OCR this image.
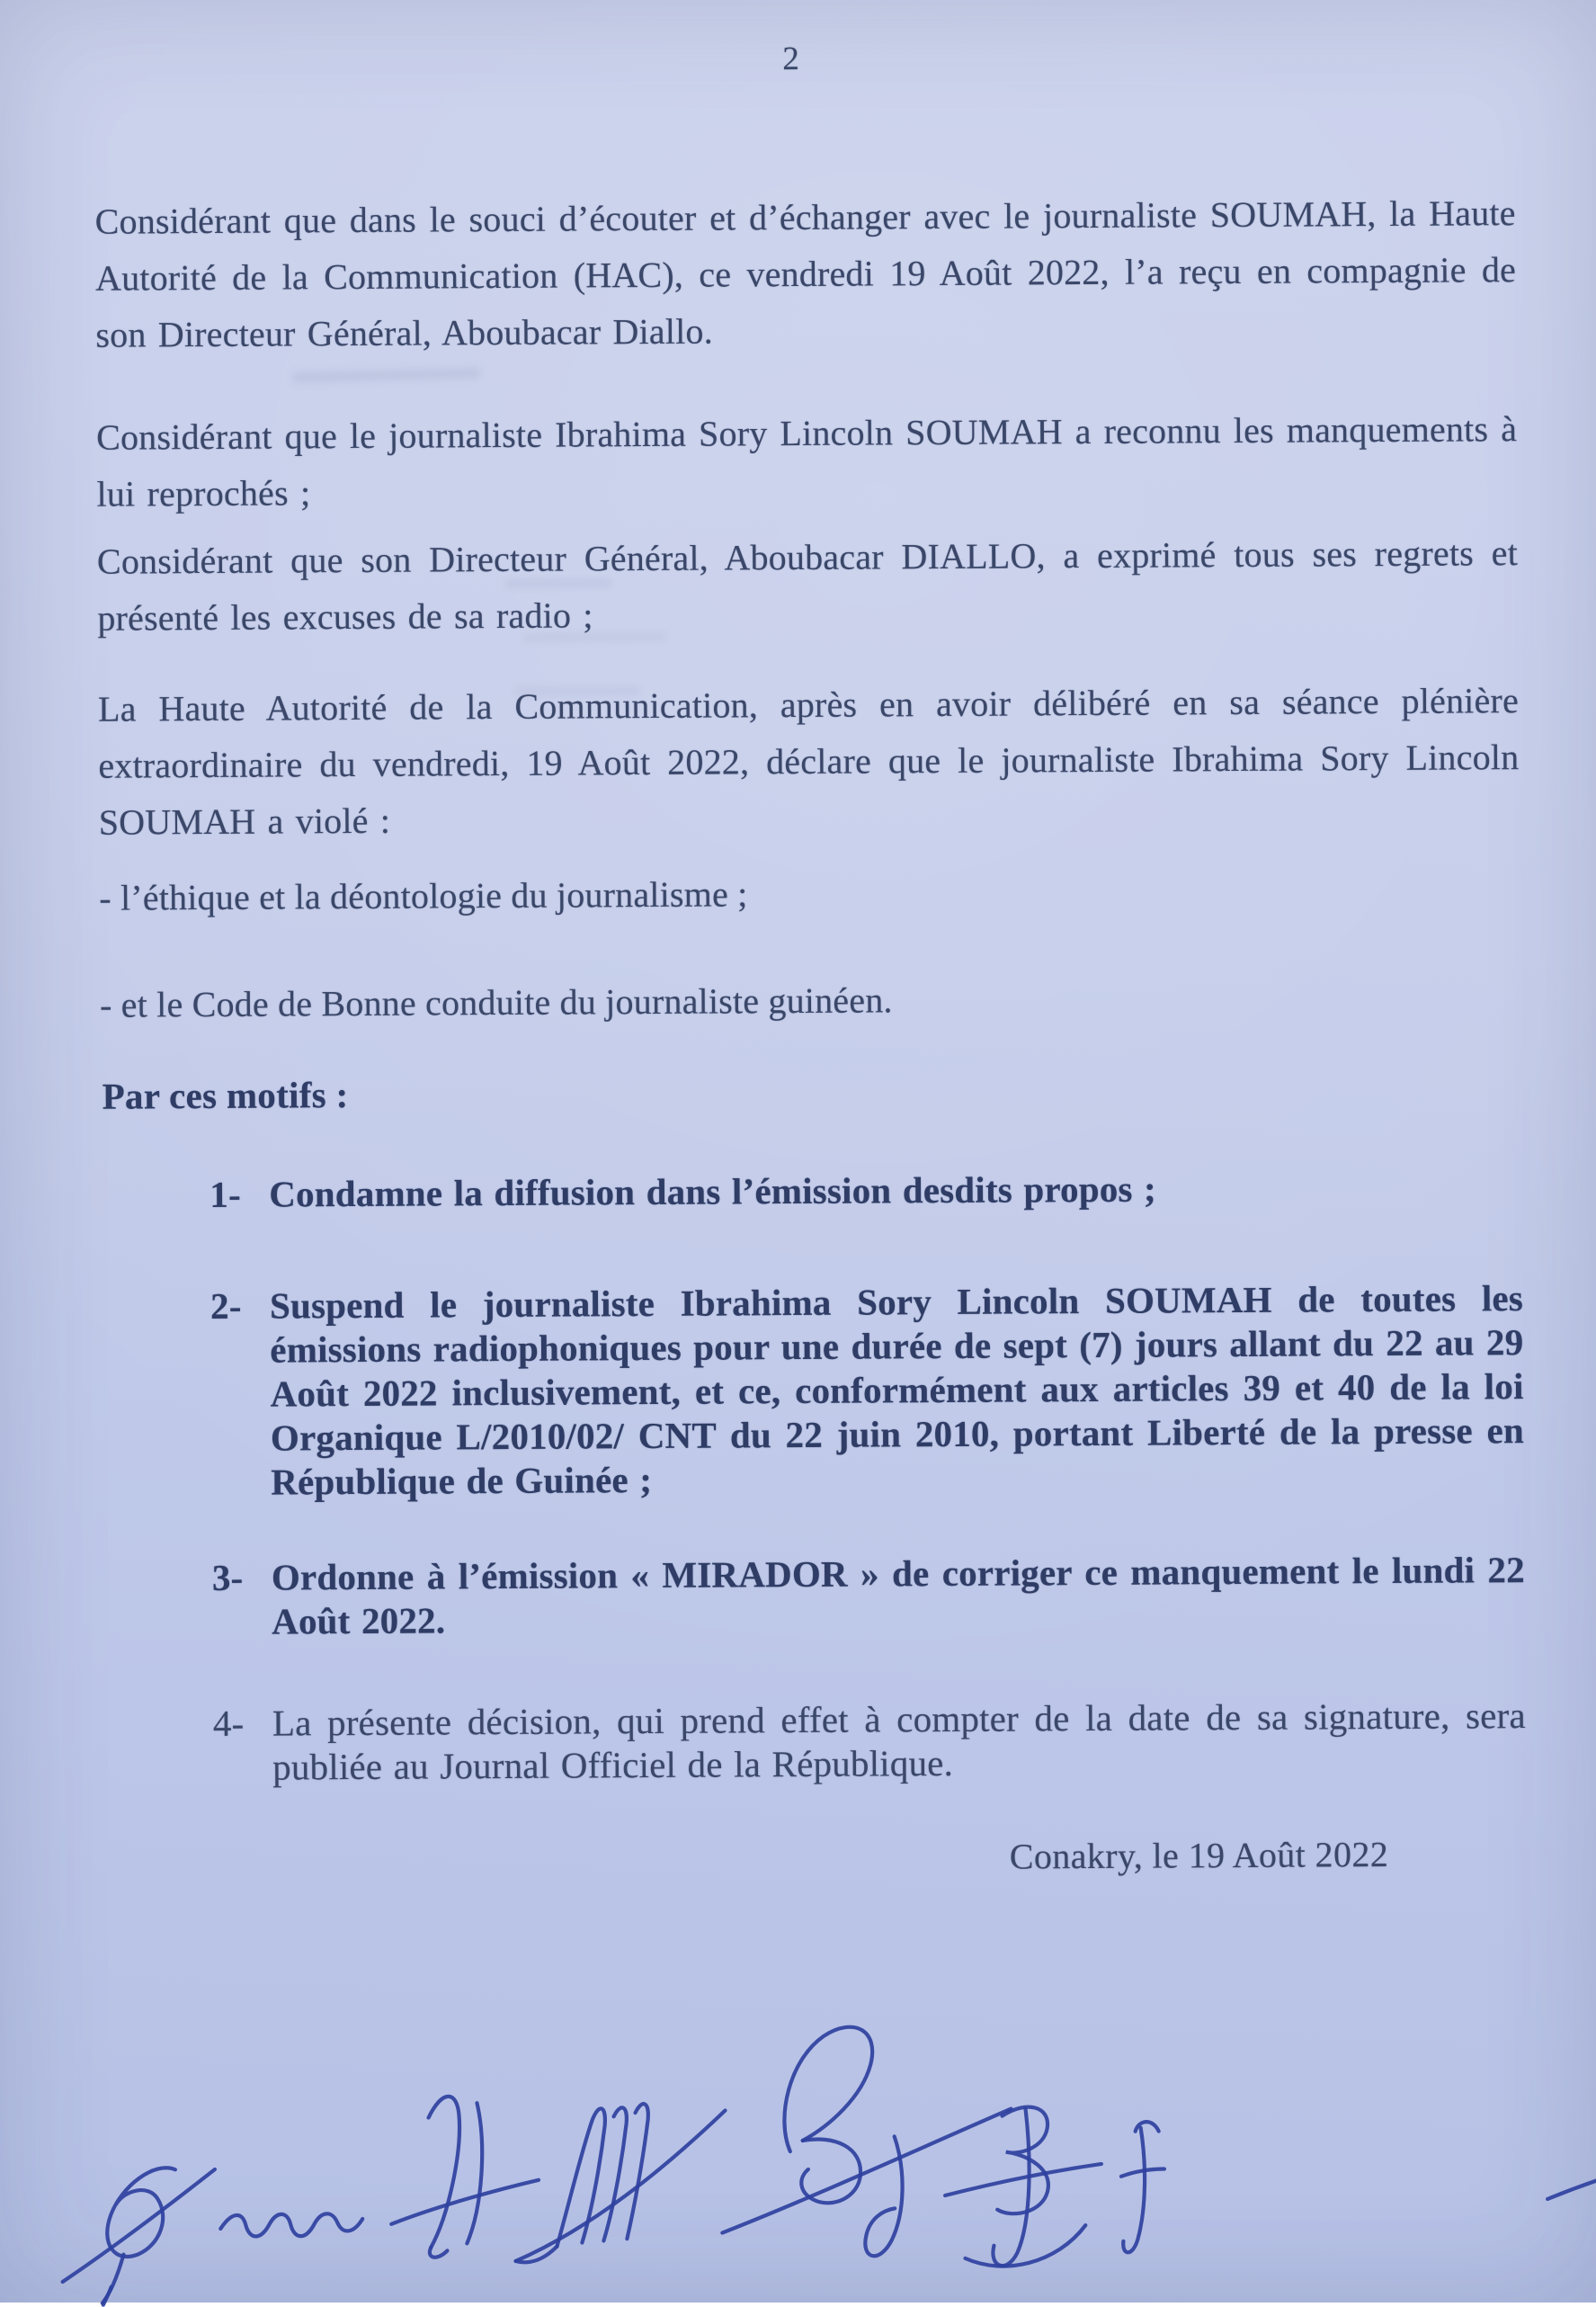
2

Considérant que dans le souci d’écouter et d’échanger avec le journaliste SOUMAH, la Haute Autorité de la Communication (HAC), ce vendredi 19 Août 2022, l’a reçu en compagnie de son Directeur Général, Aboubacar Diallo.

Considérant que le journaliste Ibrahima Sory Lincoln SOUMAH a reconnu les manquements à lui reprochés ;

Considérant que son Directeur Général, Aboubacar DIALLO, a exprimé tous ses regrets et présenté les excuses de sa radio ;

La Haute Autorité de la Communication, après en avoir délibéré en sa séance plénière extraordinaire du vendredi, 19 Août 2022, déclare que le journaliste Ibrahima Sory Lincoln SOUMAH a violé :

- l’éthique et la déontologie du journalisme ;

- et le Code de Bonne conduite du journaliste guinéen.

Par ces motifs :

1- Condamne la diffusion dans l’émission desdits propos ;
2- Suspend le journaliste Ibrahima Sory Lincoln SOUMAH de toutes les émissions radiophoniques pour une durée de sept (7) jours allant du 22 au 29 Août 2022 inclusivement, et ce, conformément aux articles 39 et 40 de la loi Organique L/2010/02/ CNT du 22 juin 2010, portant Liberté de la presse en République de Guinée ;
3- Ordonne à l’émission « MIRADOR » de corriger ce manquement le lundi 22 Août 2022.
4- La présente décision, qui prend effet à compter de la date de sa signature, sera publiée au Journal Officiel de la République.

Conakry, le 19 Août 2022
